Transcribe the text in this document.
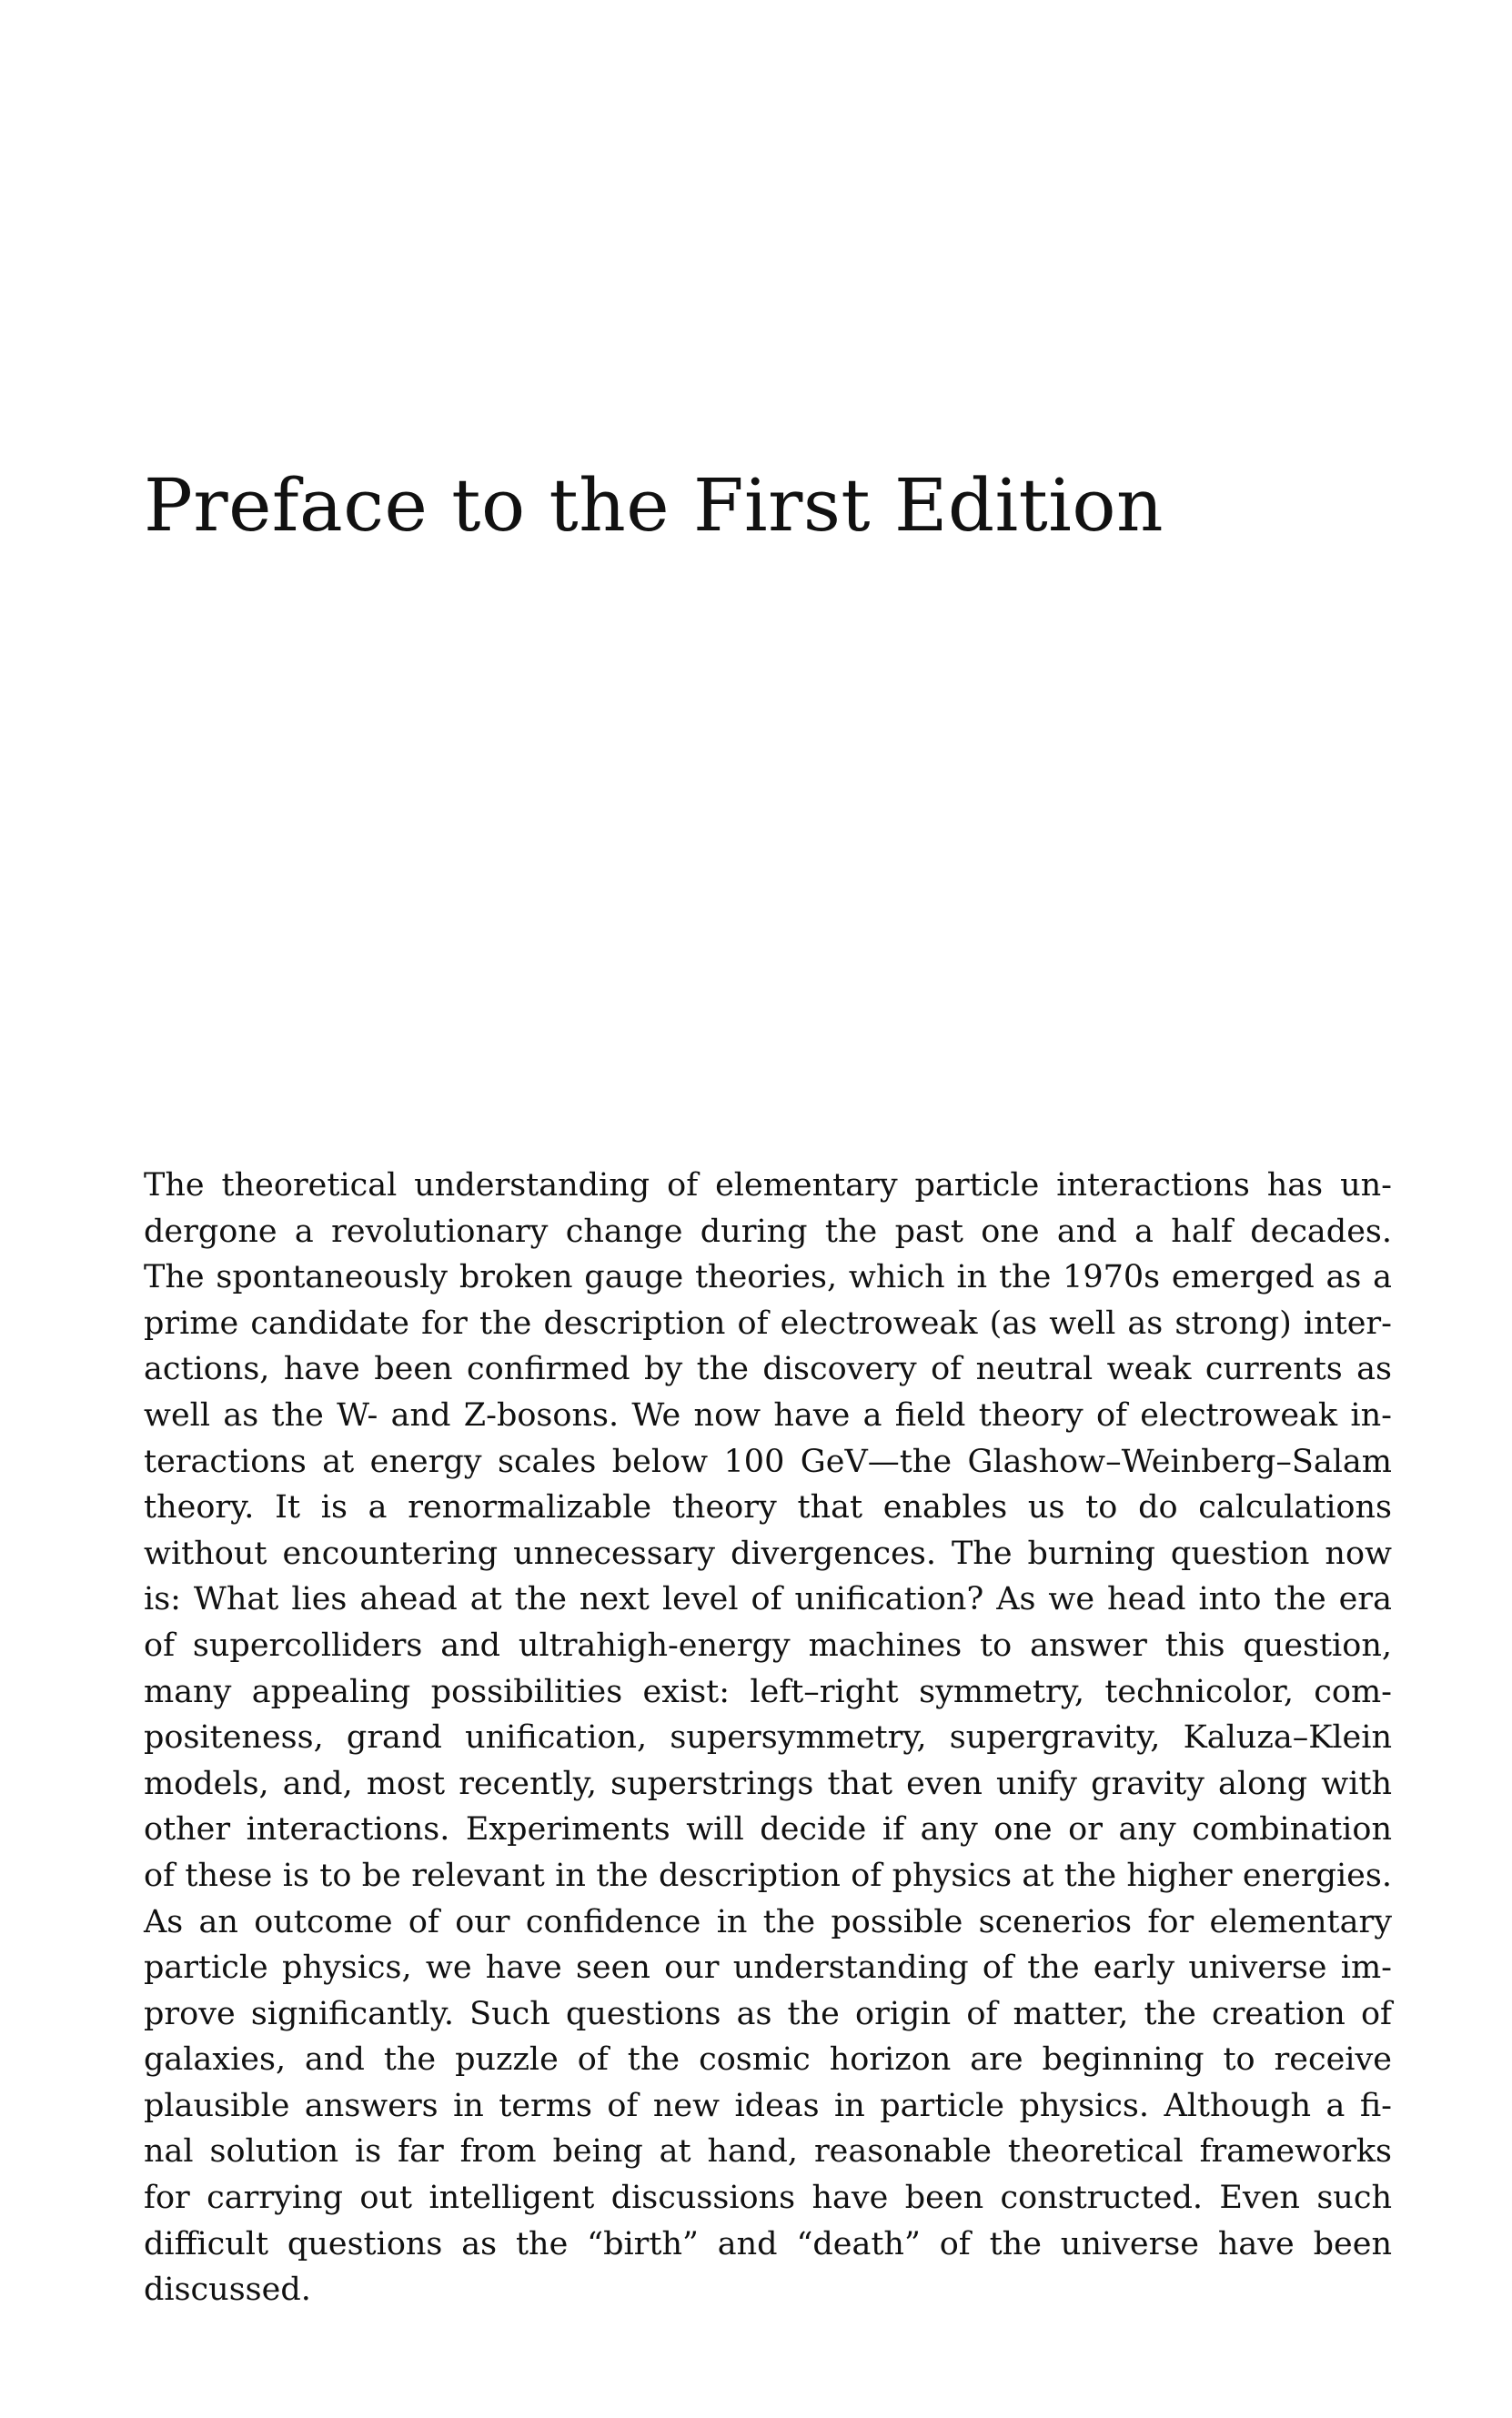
Preface to the First Edition
The theoretical understanding of elementary particle interactions has un-
dergone a revolutionary change during the past one and a half decades.
The spontaneously broken gauge theories, which in the 1970s emerged as a
prime candidate for the description of electroweak (as well as strong) inter-
actions, have been confirmed by the discovery of neutral weak currents as
well as the W- and Z-bosons. We now have a field theory of electroweak in-
teractions at energy scales below 100 GeV—the Glashow–Weinberg–Salam
theory. It is a renormalizable theory that enables us to do calculations
without encountering unnecessary divergences. The burning question now
is: What lies ahead at the next level of unification? As we head into the era
of supercolliders and ultrahigh-energy machines to answer this question,
many appealing possibilities exist: left–right symmetry, technicolor, com-
positeness, grand unification, supersymmetry, supergravity, Kaluza–Klein
models, and, most recently, superstrings that even unify gravity along with
other interactions. Experiments will decide if any one or any combination
of these is to be relevant in the description of physics at the higher energies.
As an outcome of our confidence in the possible scenerios for elementary
particle physics, we have seen our understanding of the early universe im-
prove significantly. Such questions as the origin of matter, the creation of
galaxies, and the puzzle of the cosmic horizon are beginning to receive
plausible answers in terms of new ideas in particle physics. Although a fi-
nal solution is far from being at hand, reasonable theoretical frameworks
for carrying out intelligent discussions have been constructed. Even such
difficult questions as the “birth” and “death” of the universe have been
discussed.
